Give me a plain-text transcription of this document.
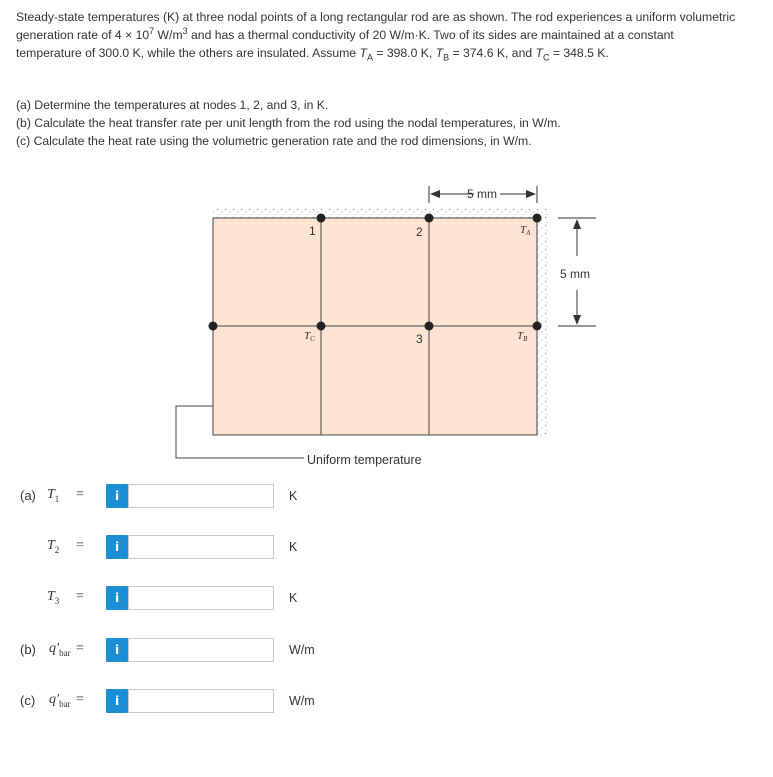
Steady-state temperatures (K) at three nodal points of a long rectangular rod are as shown. The rod experiences a uniform volumetric

generation rate of $4 \times 10^7$ $W/m^3$ and has a thermal conductivity of 20 W/m·K. Two of its sides are maintained at a constant

temperature of 300.0 K, while the others are insulated. Assume $T_A = 398.0$ K, $T_B = 374.6$ K, and $T_C = 348.5$ K.

(a) Determine the temperatures at nodes 1, 2, and 3, in K.

(b) Calculate the heat transfer rate per unit length from the rod using the nodal temperatures, in W/m.

(c) Calculate the heat rate using the volumetric generation rate and the rod dimensions, in W/m.

Uniform temperature
1	2
3
TA
TB
TC
5 mm
5 mm
(a) $T_1$ =	i	K
$T_2$ =	i	K
$T_3$ =	i	K
(b) $q'_{bar}$ =	i	W/m
(c) $q'_{bar}$ =	i	W/m
